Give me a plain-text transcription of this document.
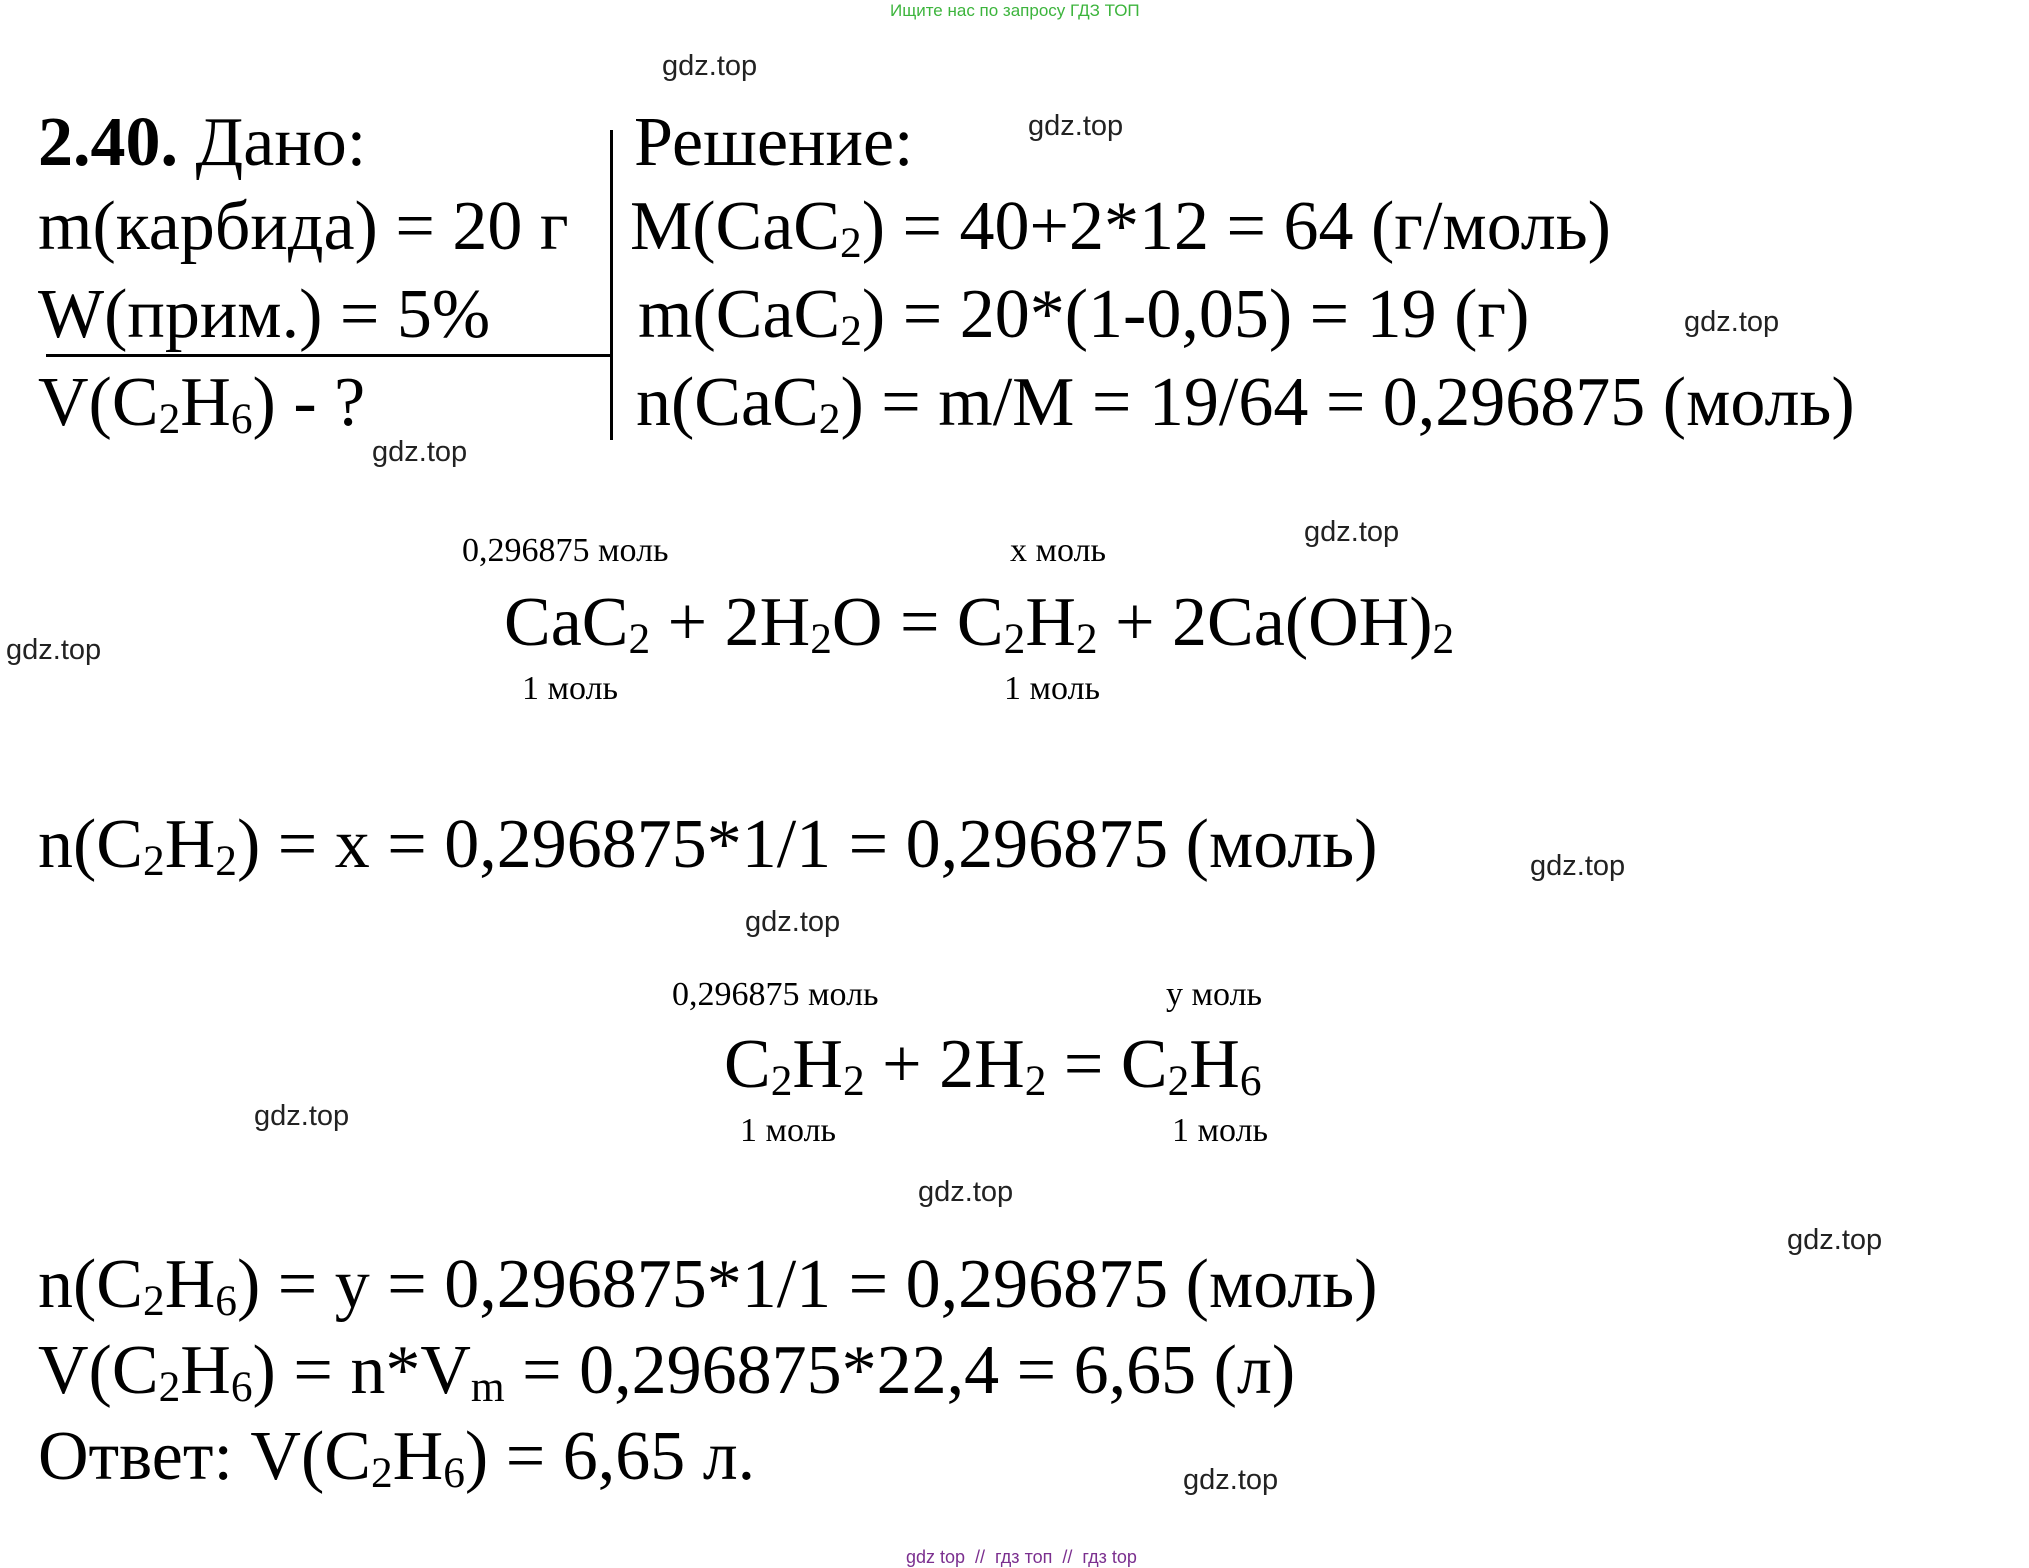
Ищите нас по запросу ГДЗ ТОП
gdz.top
gdz.top
gdz.top
gdz.top
gdz.top
gdz.top
gdz.top
gdz.top
gdz.top
gdz.top
gdz.top
gdz.top
2.40. Дано:
m(карбида) = 20 г
W(прим.) = 5%
V(C2H6) - ?
Решение:
M(CaC2) = 40+2*12 = 64 (г/моль)
m(CaC2) = 20*(1-0,05) = 19 (г)
n(CaC2) = m/M = 19/64 = 0,296875 (моль)
0,296875 моль	x моль
CaC2 + 2H2O = C2H2 + 2Ca(OH)2
1 моль	1 моль
n(C2H2) = x = 0,296875*1/1 = 0,296875 (моль)
0,296875 моль	y моль
C2H2 + 2H2 = C2H6
1 моль	1 моль
n(C2H6) = y = 0,296875*1/1 = 0,296875 (моль)
V(C2H6) = n*Vm = 0,296875*22,4 = 6,65 (л)
Ответ: V(C2H6) = 6,65 л.
gdz top  //  гдз топ  //  гдз top
